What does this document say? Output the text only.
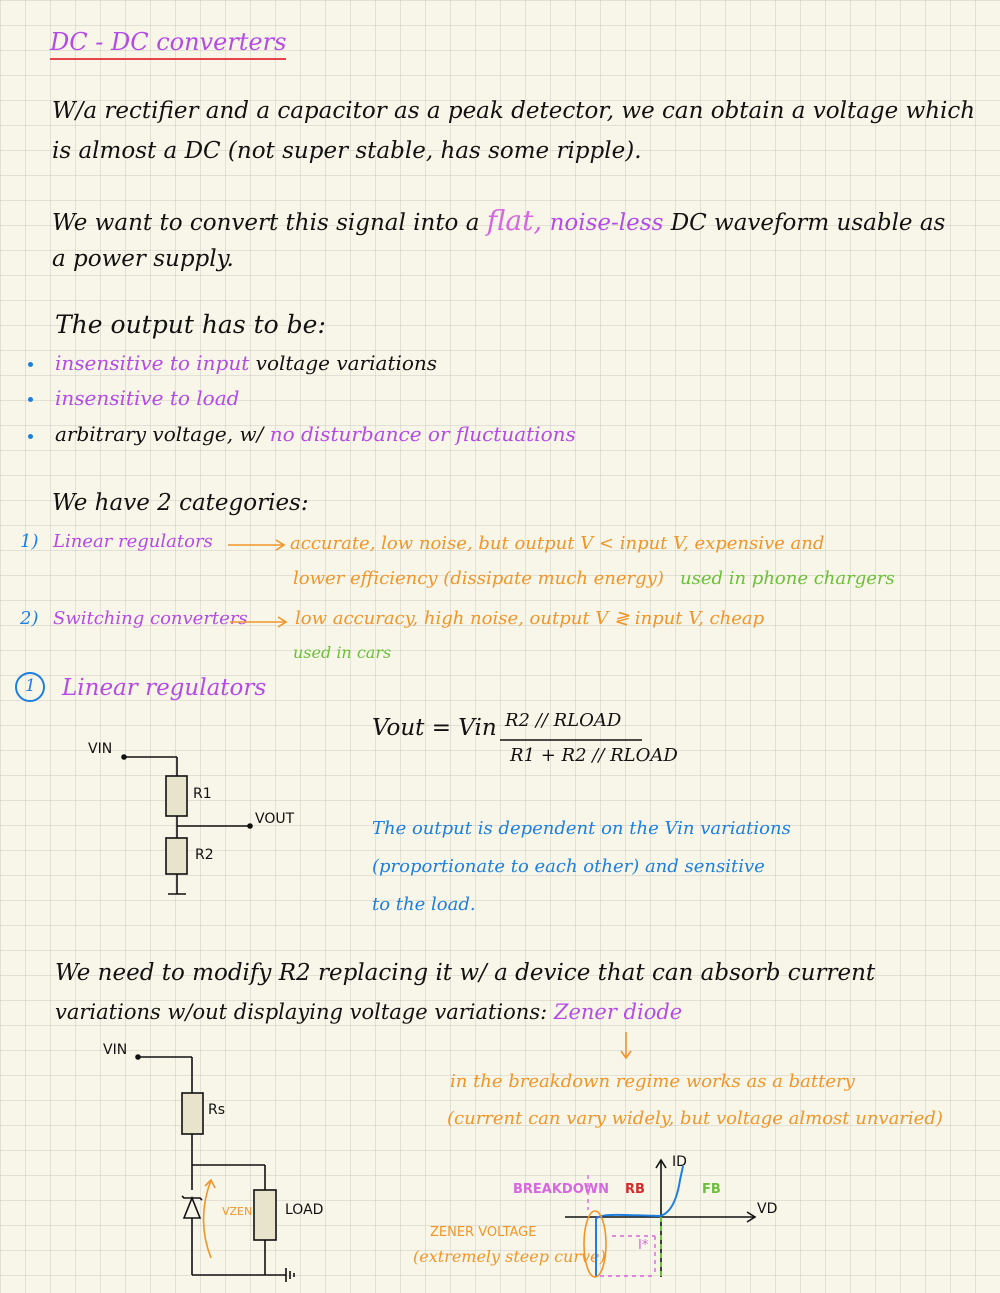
DC - DC converters
W/a rectifier and a capacitor as a peak detector, we can obtain a voltage which
is almost a DC (not super stable, has some ripple).
We want to convert this signal into a flat, noise-less DC waveform usable as
a power supply.
The output has to be:
insensitive to input voltage variations
insensitive to load
arbitrary voltage, w/ no disturbance or fluctuations
We have 2 categories:
1) Linear regulators	accurate, low noise, but output V < input V, expensive and
lower efficiency (dissipate much energy) used in phone chargers
2) Switching converters	low accuracy, high noise, output V ≷ input V, cheap
used in cars
1 Linear regulators
Vout = Vin R2 // RLOAD
R1 + R2 // RLOAD
VIN
R1
VOUT
R2
The output is dependent on the Vin variations
(proportionate to each other) and sensitive
to the load.
We need to modify R2 replacing it w/ a device that can absorb current
variations w/out displaying voltage variations: Zener diode
in the breakdown regime works as a battery
(current can vary widely, but voltage almost unvaried)
VIN
Rs
VZEN LOAD
BREAKDOWN RB	FB
ID
VD
ZENER VOLTAGE
(extremely steep curve)
I*
